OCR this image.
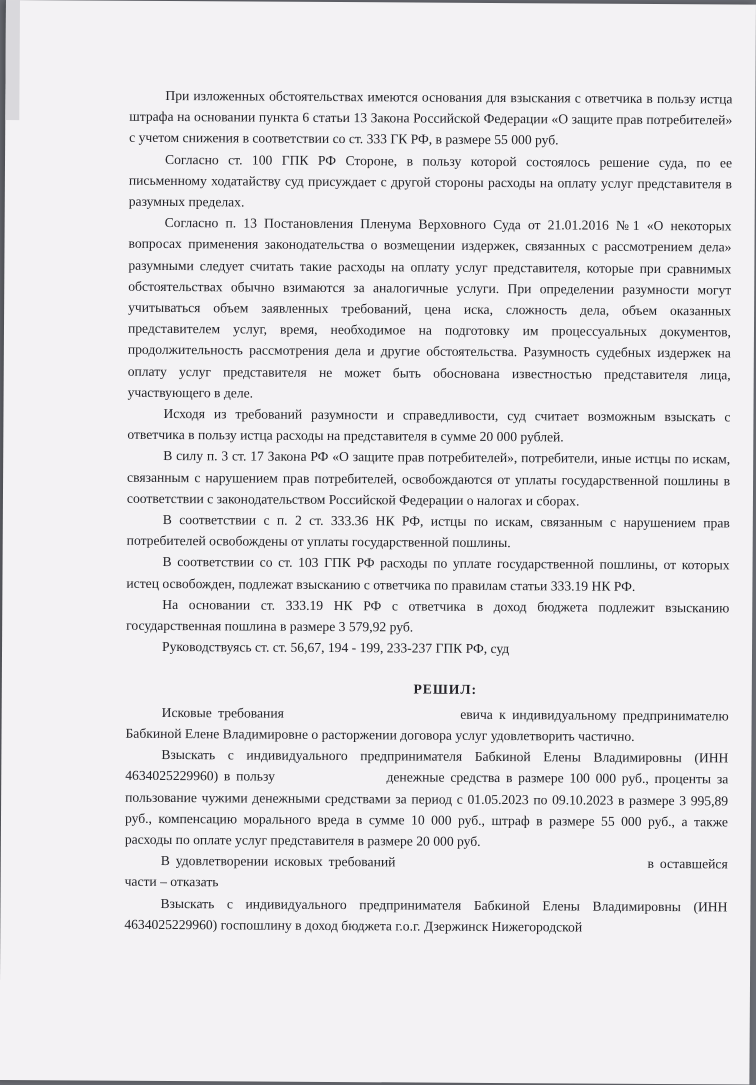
При изложенных обстоятельствах имеются основания для взыскания с ответчика в пользу истца штрафа на основании пункта 6 статьи 13 Закона Российской Федерации «О защите прав потребителей» с учетом снижения в соответствии со ст. 333 ГК РФ, в размере 55 000 руб.

Согласно ст. 100 ГПК РФ Стороне, в пользу которой состоялось решение суда, по ее письменному ходатайству суд присуждает с другой стороны расходы на оплату услуг представителя в разумных пределах.

Согласно п. 13 Постановления Пленума Верховного Суда от 21.01.2016 №1 «О некоторых вопросах применения законодательства о возмещении издержек, связанных с рассмотрением дела» разумными следует считать такие расходы на оплату услуг представителя, которые при сравнимых обстоятельствах обычно взимаются за аналогичные услуги. При определении разумности могут учитываться объем заявленных требований, цена иска, сложность дела, объем оказанных представителем услуг, время, необходимое на подготовку им процессуальных документов, продолжительность рассмотрения дела и другие обстоятельства. Разумность судебных издержек на оплату услуг представителя не может быть обоснована известностью представителя лица, участвующего в деле.

Исходя из требований разумности и справедливости, суд считает возможным взыскать с ответчика в пользу истца расходы на представителя в сумме 20 000 рублей.

В силу п. 3 ст. 17 Закона РФ «О защите прав потребителей», потребители, иные истцы по искам, связанным с нарушением прав потребителей, освобождаются от уплаты государственной пошлины в соответствии с законодательством Российской Федерации о налогах и сборах.

В соответствии с п. 2 ст. 333.36 НК РФ, истцы по искам, связанным с нарушением прав потребителей освобождены от уплаты государственной пошлины.

В соответствии со ст. 103 ГПК РФ расходы по уплате государственной пошлины, от которых истец освобожден, подлежат взысканию с ответчика по правилам статьи 333.19 НК РФ.

На основании ст. 333.19 НК РФ с ответчика в доход бюджета подлежит взысканию государственная пошлина в размере 3 579,92 руб.

Руководствуясь ст. ст. 56,67, 194 - 199, 233-237 ГПК РФ, суд

РЕШИЛ:

Исковые требования	евича к индивидуальному предпринимателю Бабкиной Елене Владимировне о расторжении договора услуг удовлетворить частично.

Взыскать с индивидуального предпринимателя Бабкиной Елены Владимировны (ИНН 4634025229960) в пользу	денежные средства в размере 100 000 руб., проценты за пользование чужими денежными средствами за период с 01.05.2023 по 09.10.2023 в размере 3 995,89 руб., компенсацию морального вреда в сумме 10 000 руб., штраф в размере 55 000 руб., а также расходы по оплате услуг представителя в размере 20 000 руб.

В удовлетворении исковых требований	в оставшейся части – отказать

Взыскать с индивидуального предпринимателя Бабкиной Елены Владимировны (ИНН 4634025229960) госпошлину в доход бюджета г.о.г. Дзержинск Нижегородской
